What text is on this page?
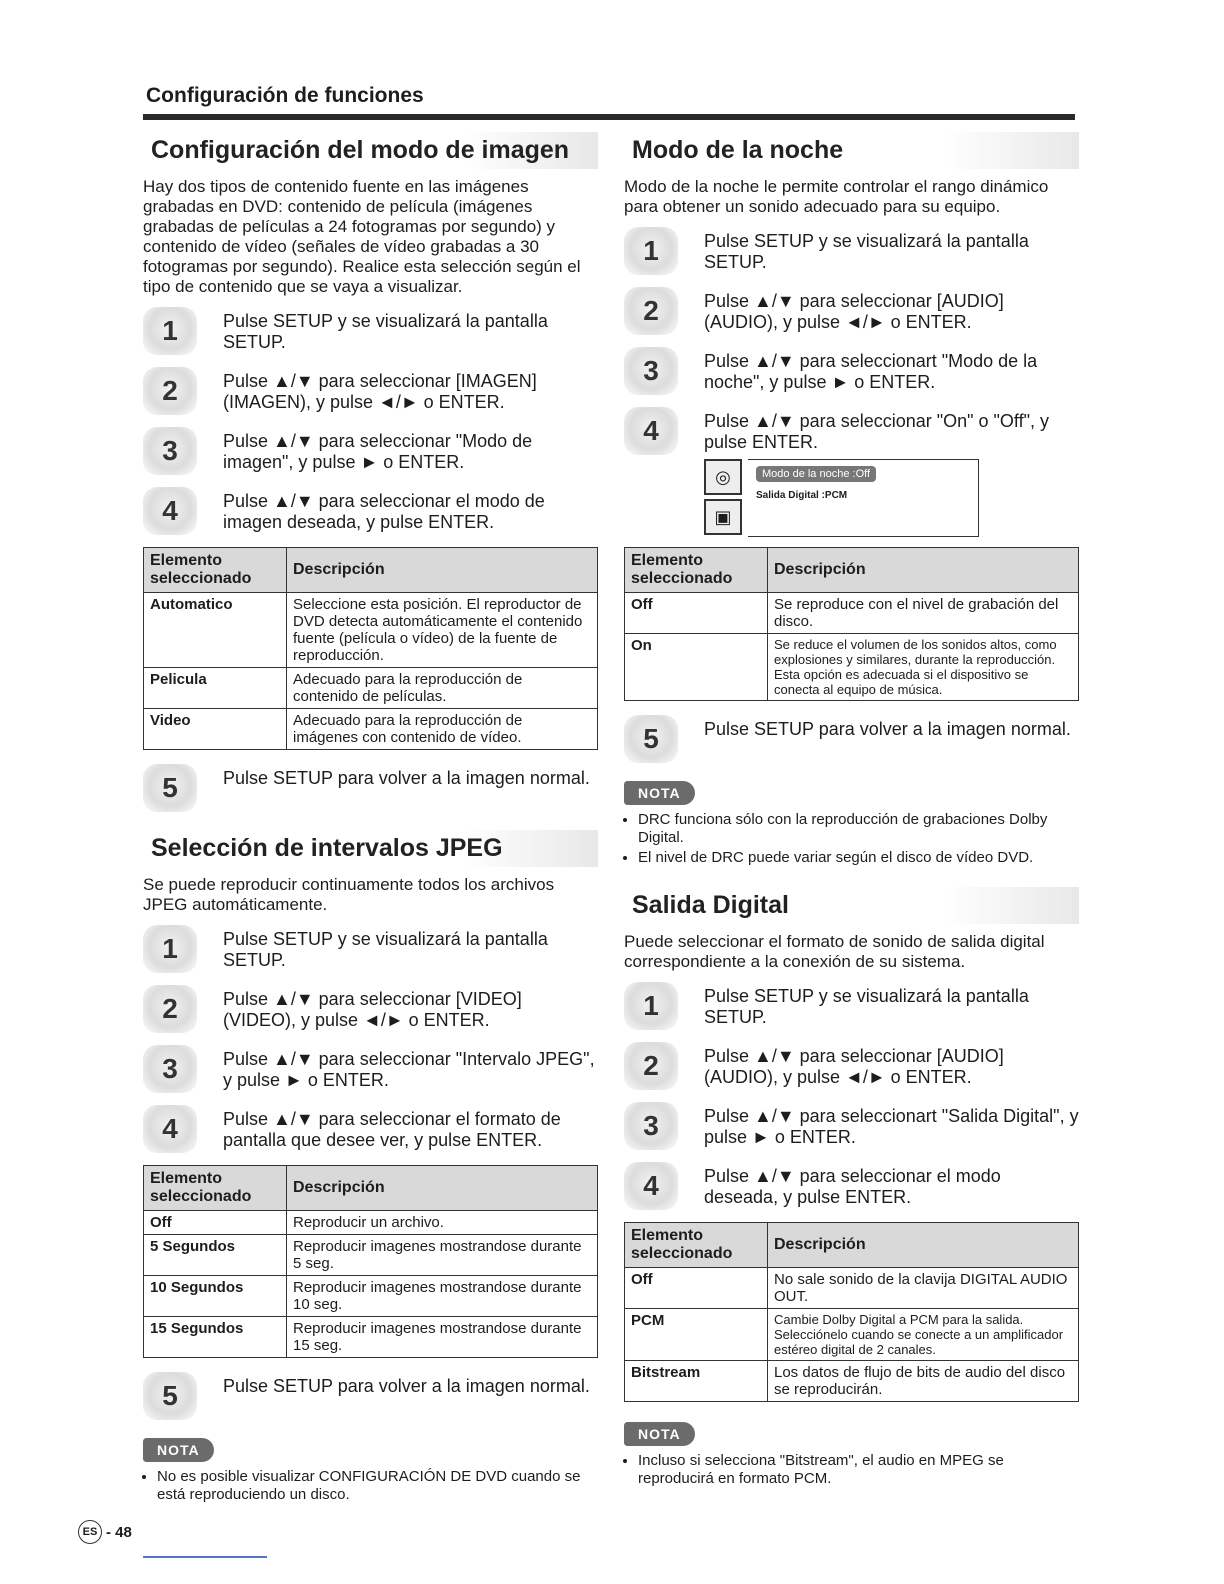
Configuración de funciones
Configuración del modo de imagen

Hay dos tipos de contenido fuente en las imágenes grabadas en DVD: contenido de película (imágenes grabadas de películas a 24 fotogramas por segundo) y contenido de vídeo (señales de vídeo grabadas a 30 fotogramas por segundo). Realice esta selección según el tipo de contenido que se vaya a visualizar.

1	Pulse SETUP y se visualizará la pantalla SETUP.
2	Pulse ▲/▼ para seleccionar [IMAGEN] (IMAGEN), y pulse ◄/► o ENTER.
3	Pulse ▲/▼ para seleccionar "Modo de imagen", y pulse ► o ENTER.
4	Pulse ▲/▼ para seleccionar el modo de imagen deseada, y pulse ENTER.
Elemento seleccionado	Descripción
Automatico	Seleccione esta posición. El reproductor de DVD detecta automáticamente el contenido fuente (película o vídeo) de la fuente de reproducción.
Pelicula	Adecuado para la reproducción de contenido de películas.
Video	Adecuado para la reproducción de imágenes con contenido de vídeo.
5	Pulse SETUP para volver a la imagen normal.
Selección de intervalos JPEG

Se puede reproducir continuamente todos los archivos JPEG automáticamente.

1	Pulse SETUP y se visualizará la pantalla SETUP.
2	Pulse ▲/▼ para seleccionar [VIDEO] (VIDEO), y pulse ◄/► o ENTER.
3	Pulse ▲/▼ para seleccionar "Intervalo JPEG", y pulse ► o ENTER.
4	Pulse ▲/▼ para seleccionar el formato de pantalla que desee ver, y pulse ENTER.
Elemento seleccionado	Descripción
Off	Reproducir un archivo.
5 Segundos	Reproducir imagenes mostrandose durante 5 seg.
10 Segundos	Reproducir imagenes mostrandose durante 10 seg.
15 Segundos	Reproducir imagenes mostrandose durante 15 seg.
5	Pulse SETUP para volver a la imagen normal.
NOTA
• No es posible visualizar CONFIGURACIÓN DE DVD cuando se está reproduciendo un disco.
Modo de la noche

Modo de la noche le permite controlar el rango dinámico para obtener un sonido adecuado para su equipo.

1	Pulse SETUP y se visualizará la pantalla SETUP.
2	Pulse ▲/▼ para seleccionar [AUDIO] (AUDIO), y pulse ◄/► o ENTER.
3	Pulse ▲/▼ para seleccionart "Modo de la noche", y pulse ► o ENTER.
4	Pulse ▲/▼ para seleccionar "On" o "Off", y pulse ENTER.
◎
▣
Modo de la noche :Off
Salida Digital :PCM
Elemento seleccionado	Descripción
Off	Se reproduce con el nivel de grabación del disco.
On	Se reduce el volumen de los sonidos altos, como explosiones y similares, durante la reproducción. Esta opción es adecuada si el dispositivo se conecta al equipo de música.
5	Pulse SETUP para volver a la imagen normal.
NOTA
• DRC funciona sólo con la reproducción de grabaciones Dolby Digital.
• El nivel de DRC puede variar según el disco de vídeo DVD.
Salida Digital

Puede seleccionar el formato de sonido de salida digital correspondiente a la conexión de su sistema.

1	Pulse SETUP y se visualizará la pantalla SETUP.
2	Pulse ▲/▼ para seleccionar [AUDIO] (AUDIO), y pulse ◄/► o ENTER.
3	Pulse ▲/▼ para seleccionart "Salida Digital", y pulse ► o ENTER.
4	Pulse ▲/▼ para seleccionar el modo deseada, y pulse ENTER.
Elemento seleccionado	Descripción
Off	No sale sonido de la clavija DIGITAL AUDIO OUT.
PCM	Cambie Dolby Digital a PCM para la salida. Selecciónelo cuando se conecte a un amplificador estéreo digital de 2 canales.
Bitstream	Los datos de flujo de bits de audio del disco se reproducirán.
NOTA
• Incluso si selecciona "Bitstream", el audio en MPEG se reproducirá en formato PCM.
ES - 48
